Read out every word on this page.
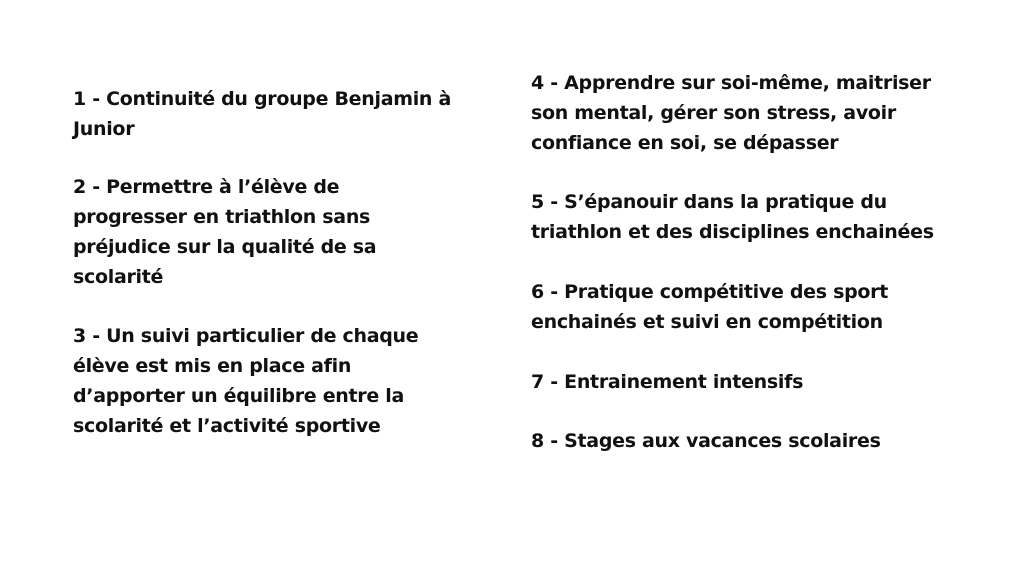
1 - Continuité du groupe Benjamin à
Junior

2 - Permettre à l’élève de
progresser en triathlon sans
préjudice sur la qualité de sa
scolarité

3 - Un suivi particulier de chaque
élève est mis en place afin
d’apporter un équilibre entre la
scolarité et l’activité sportive

4 - Apprendre sur soi-même, maitriser
son mental, gérer son stress, avoir
confiance en soi, se dépasser

5 - S’épanouir dans la pratique du
triathlon et des disciplines enchainées

6 - Pratique compétitive des sport
enchainés et suivi en compétition

7 - Entrainement intensifs

8 - Stages aux vacances scolaires
